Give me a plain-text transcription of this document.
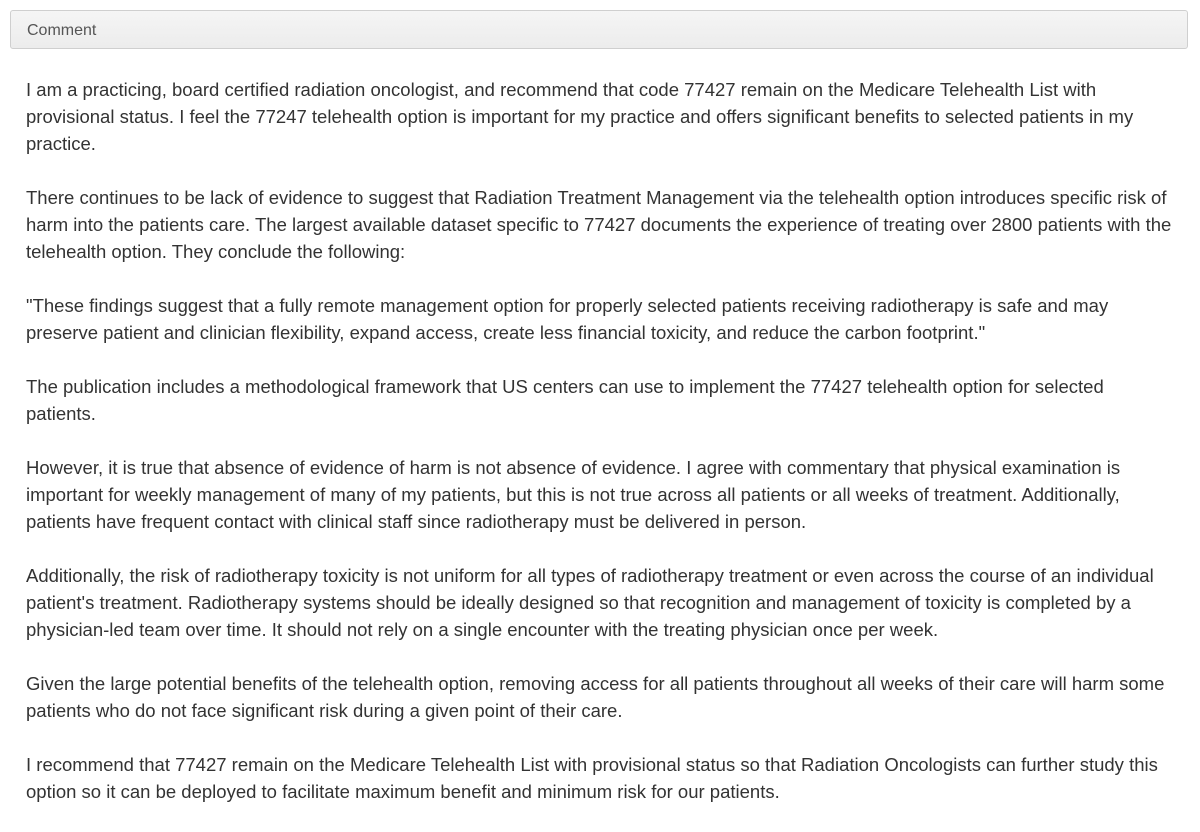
Comment

I am a practicing, board certified radiation oncologist, and recommend that code 77427 remain on the Medicare Telehealth List with provisional status. I feel the 77247 telehealth option is important for my practice and offers significant benefits to selected patients in my practice.

There continues to be lack of evidence to suggest that Radiation Treatment Management via the telehealth option introduces specific risk of harm into the patients care. The largest available dataset specific to 77427 documents the experience of treating over 2800 patients with the telehealth option. They conclude the following:

"These findings suggest that a fully remote management option for properly selected patients receiving radiotherapy is safe and may preserve patient and clinician flexibility, expand access, create less financial toxicity, and reduce the carbon footprint."

The publication includes a methodological framework that US centers can use to implement the 77427 telehealth option for selected patients.

However, it is true that absence of evidence of harm is not absence of evidence. I agree with commentary that physical examination is important for weekly management of many of my patients, but this is not true across all patients or all weeks of treatment. Additionally, patients have frequent contact with clinical staff since radiotherapy must be delivered in person.

Additionally, the risk of radiotherapy toxicity is not uniform for all types of radiotherapy treatment or even across the course of an individual patient's treatment. Radiotherapy systems should be ideally designed so that recognition and management of toxicity is completed by a physician-led team over time. It should not rely on a single encounter with the treating physician once per week.

Given the large potential benefits of the telehealth option, removing access for all patients throughout all weeks of their care will harm some patients who do not face significant risk during a given point of their care.

I recommend that 77427 remain on the Medicare Telehealth List with provisional status so that Radiation Oncologists can further study this option so it can be deployed to facilitate maximum benefit and minimum risk for our patients.
